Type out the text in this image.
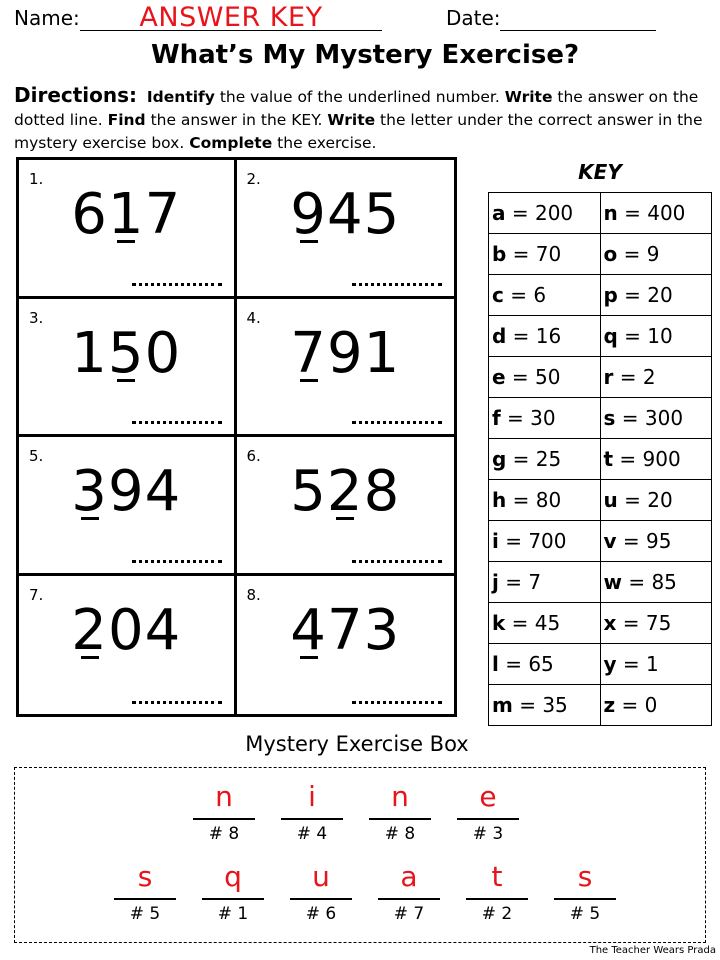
Name:	ANSWER KEY	Date:
What’s My Mystery Exercise?
Directions: Identify the value of the underlined number. Write the answer on the dotted line. Find the answer in the KEY. Write the letter under the correct answer in the mystery exercise box. Complete the exercise.
1.
617
2.
945
3.
150
4.
791
5.
394
6.
528
7.
204
8.
473
KEY
a = 200	n = 400
b = 70	o = 9
c = 6	p = 20
d = 16	q = 10
e = 50	r = 2
f = 30	s = 300
g = 25	t = 900
h = 80	u = 20
i = 700	v = 95
j = 7	w = 85
k = 45	x = 75
l = 65	y = 1
m = 35	z = 0
Mystery Exercise Box
n
# 8
i
# 4
n
# 8
e
# 3
s
# 5
q
# 1
u
# 6
a
# 7
t
# 2
s
# 5
The Teacher Wears Prada
